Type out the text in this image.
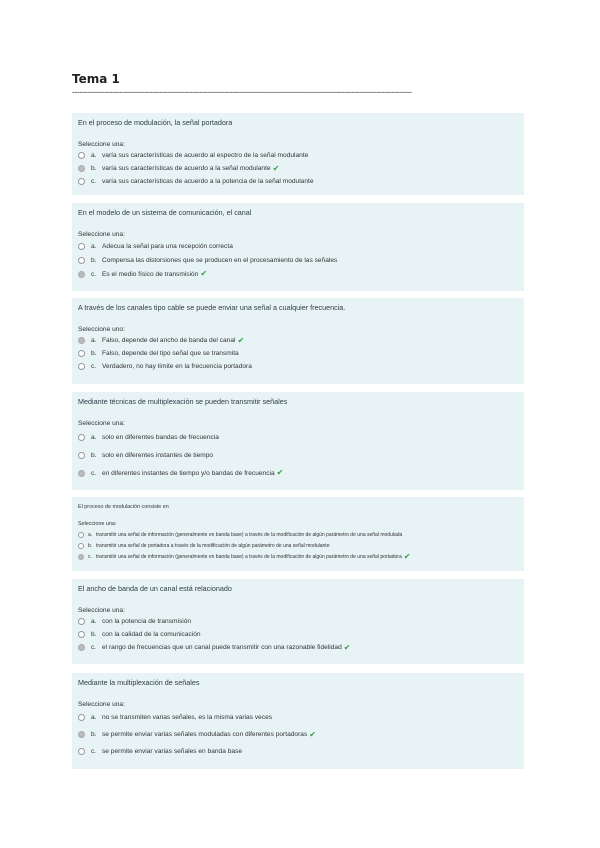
Tema 1
----------------------------------------------------------------------------------------------------------------------------------------
En el proceso de modulación, la señal portadora
Seleccione una:
a. varía sus características de acuerdo al espectro de la señal modulante
b. varía sus características de acuerdo a la señal modulante ✔
c. varía sus características de acuerdo a la potencia de la señal modulante
En el modelo de un sistema de comunicación, el canal
Seleccione una:
a. Adecua la señal para una recepción correcta
b. Compensa las distorsiones que se producen en el procesamiento de las señales
c. Es el medio físico de transmisión ✔
A través de los canales tipo cable se puede enviar una señal a cualquier frecuencia.
Seleccione uno:
a. Falso, depende del ancho de banda del canal ✔
b. Falso, depende del tipo señal que se transmita
c. Verdadero, no hay límite en la frecuencia portadora
Mediante técnicas de multiplexación se pueden transmitir señales
Seleccione una:
a. solo en diferentes bandas de frecuencia
b. solo en diferentes instantes de tiempo
c. en diferentes instantes de tiempo y/o bandas de frecuencia ✔
El proceso de modulación consiste en
Seleccione una:
a. transmitir una señal de información (generalmente en banda base) a través de la modificación de algún parámetro de una señal modulada
b. transmitir una señal de portadora a través de la modificación de algún parámetro de una señal modulante
c. transmitir una señal de información (generalmente en banda base) a través de la modificación de algún parámetro de una señal portadora ✔
El ancho de banda de un canal está relacionado
Seleccione una:
a. con la potencia de transmisión
b. con la calidad de la comunicación
c. el rango de frecuencias que un canal puede transmitir con una razonable fidelidad ✔
Mediante la multiplexación de señales
Seleccione una:
a. no se transmiten varias señales, es la misma varias veces
b. se permite enviar varias señales moduladas con diferentes portadoras ✔
c. se permite enviar varias señales en banda base
